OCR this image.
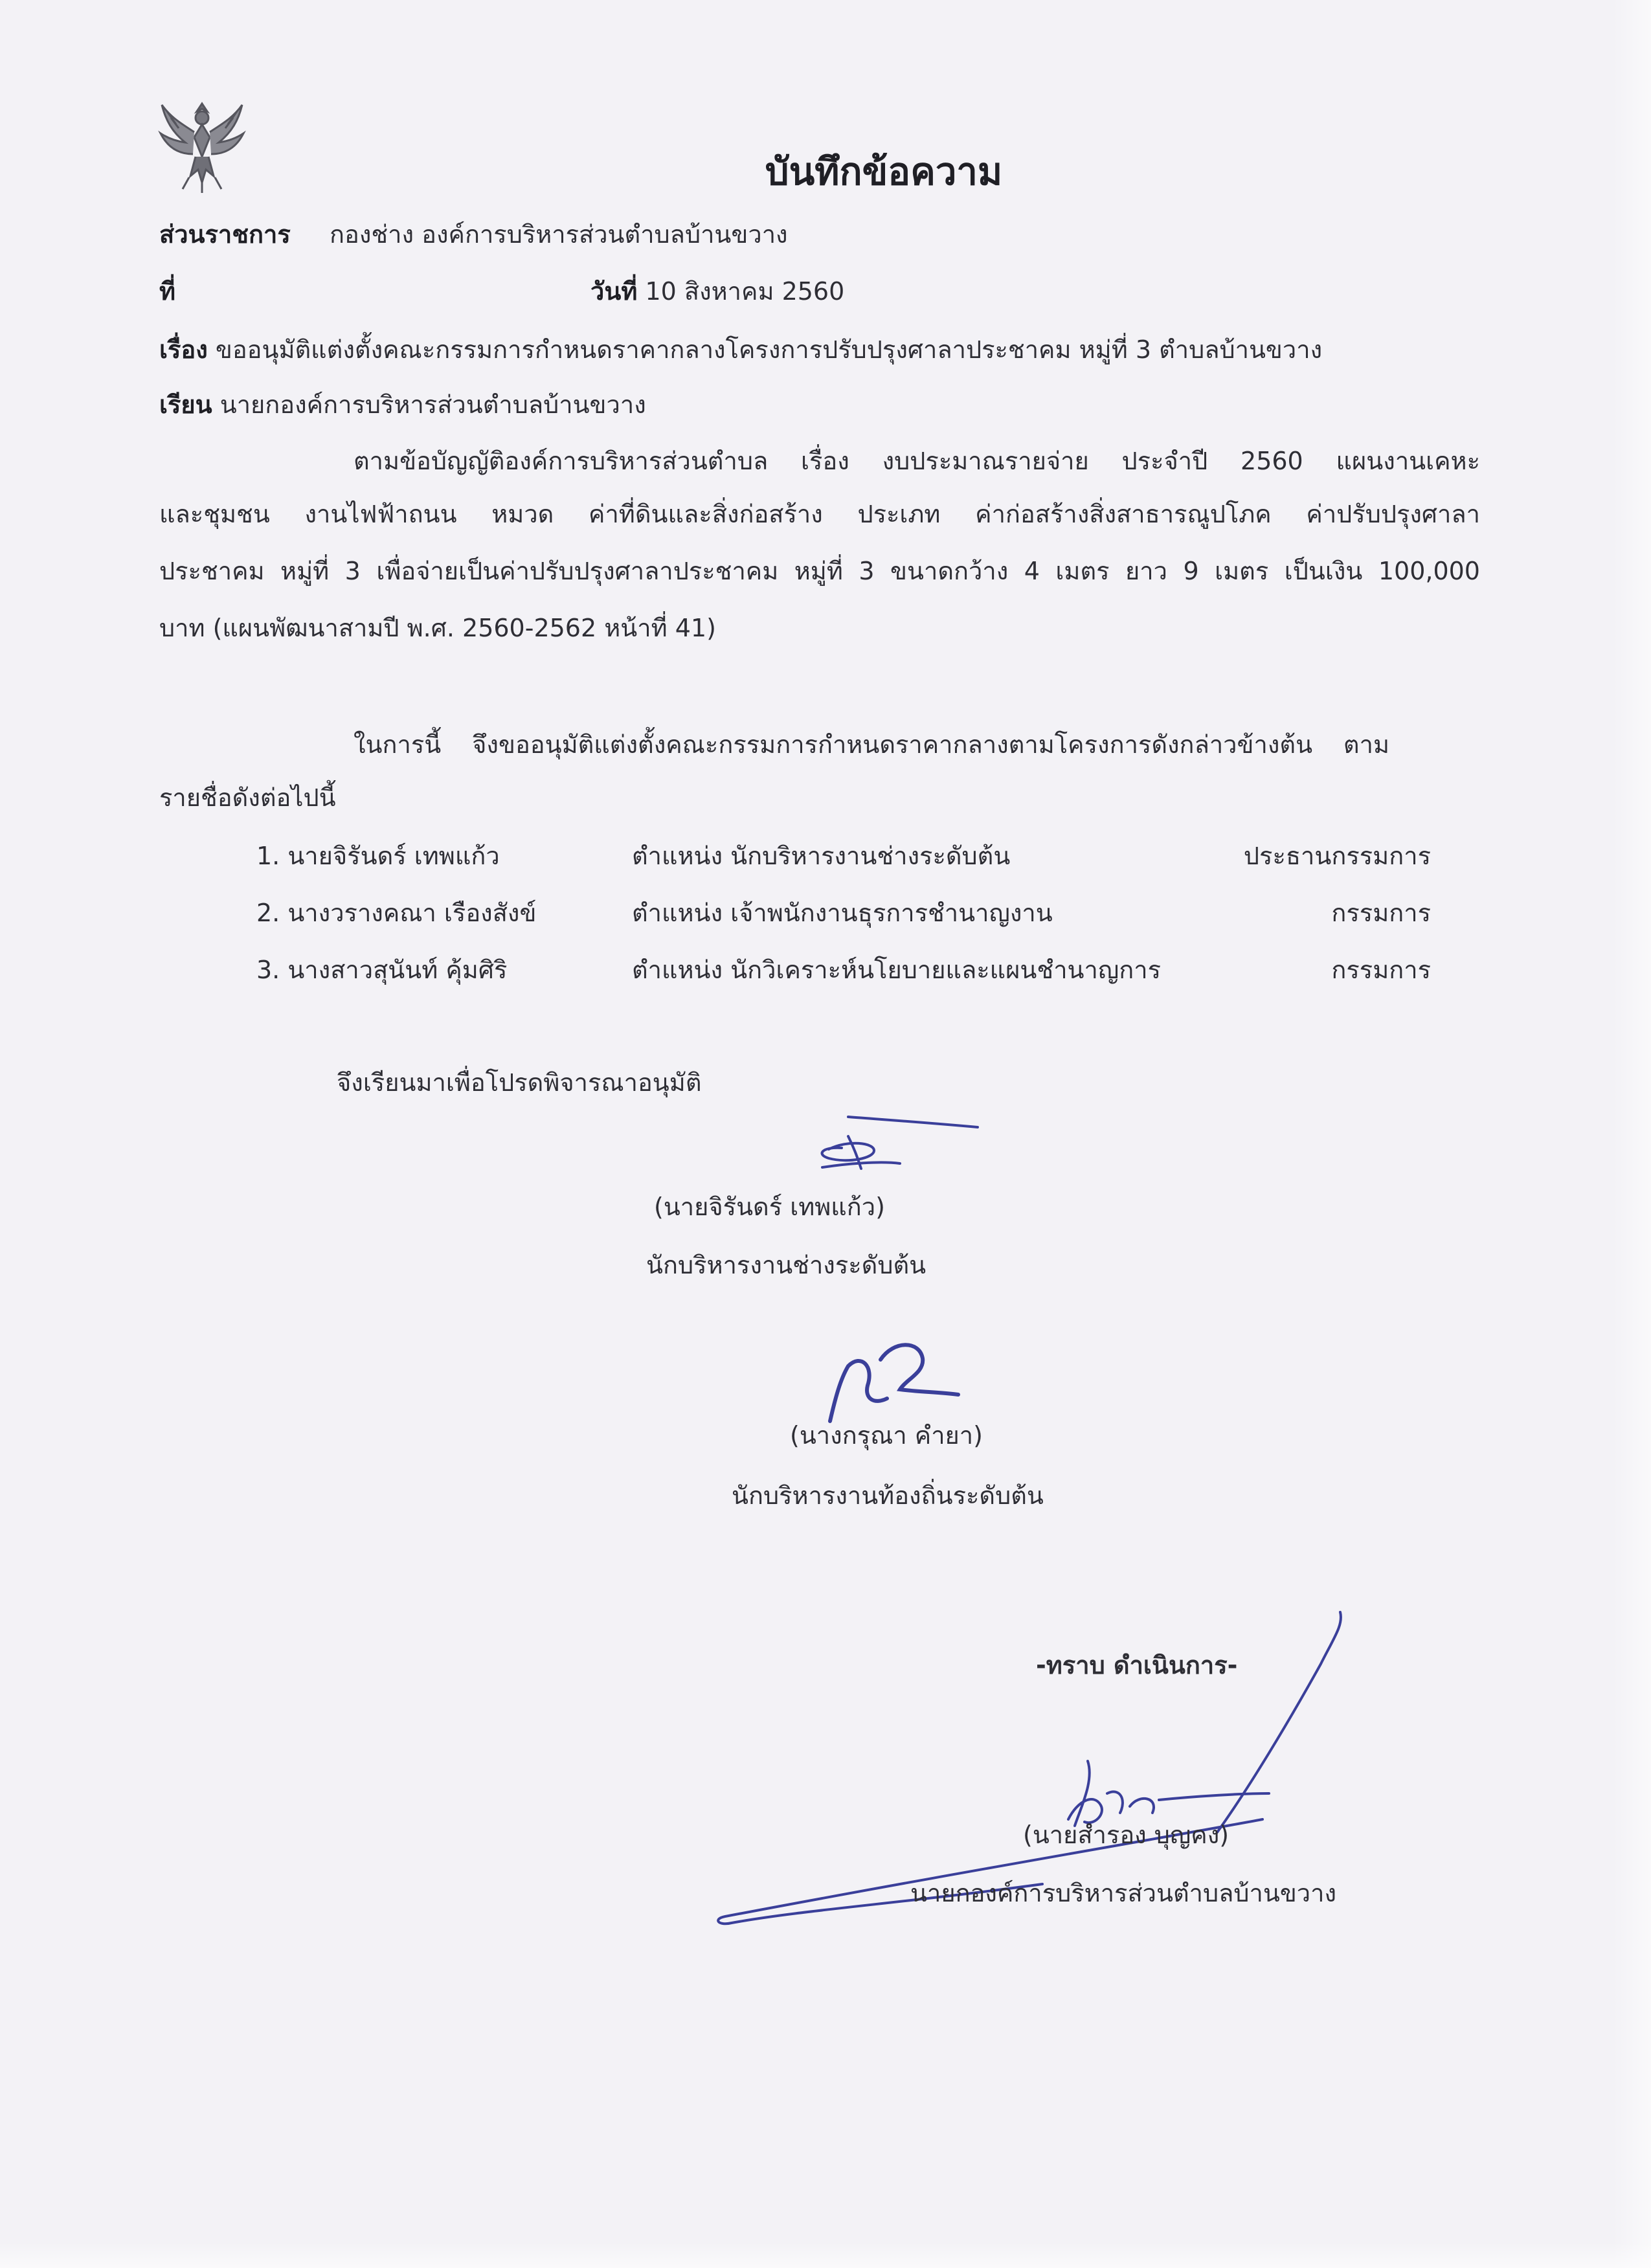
บันทึกข้อความ
ส่วนราชการ กองช่าง องค์การบริหารส่วนตำบลบ้านขวาง
ที่	วันที่ 10 สิงหาคม 2560
เรื่อง ขออนุมัติแต่งตั้งคณะกรรมการกำหนดราคากลางโครงการปรับปรุงศาลาประชาคม หมู่ที่ 3 ตำบลบ้านขวาง
เรียน นายกองค์การบริหารส่วนตำบลบ้านขวาง
ตามข้อบัญญัติองค์การบริหารส่วนตำบล เรื่อง งบประมาณรายจ่าย ประจำปี 2560 แผนงานเคหะ
และชุมชน งานไฟฟ้าถนน หมวด ค่าที่ดินและสิ่งก่อสร้าง ประเภท ค่าก่อสร้างสิ่งสาธารณูปโภค ค่าปรับปรุงศาลา
ประชาคม หมู่ที่ 3 เพื่อจ่ายเป็นค่าปรับปรุงศาลาประชาคม หมู่ที่ 3 ขนาดกว้าง 4 เมตร ยาว 9 เมตร เป็นเงิน 100,000
บาท (แผนพัฒนาสามปี พ.ศ. 2560-2562 หน้าที่ 41)
ในการนี้ จึงขออนุมัติแต่งตั้งคณะกรรมการกำหนดราคากลางตามโครงการดังกล่าวข้างต้น ตาม
รายชื่อดังต่อไปนี้
1. นายจิรันดร์ เทพแก้ว	ตำแหน่ง นักบริหารงานช่างระดับต้น	ประธานกรรมการ
2. นางวรางคณา เรืองสังข์	ตำแหน่ง เจ้าพนักงานธุรการชำนาญงาน	กรรมการ
3. นางสาวสุนันท์ คุ้มศิริ	ตำแหน่ง นักวิเคราะห์นโยบายและแผนชำนาญการ	กรรมการ
จึงเรียนมาเพื่อโปรดพิจารณาอนุมัติ
(นายจิรันดร์ เทพแก้ว)
นักบริหารงานช่างระดับต้น
(นางกรุณา คำยา)
นักบริหารงานท้องถิ่นระดับต้น
-ทราบ ดำเนินการ-
(นายสำรอง บุญคง)
นายกองค์การบริหารส่วนตำบลบ้านขวาง
